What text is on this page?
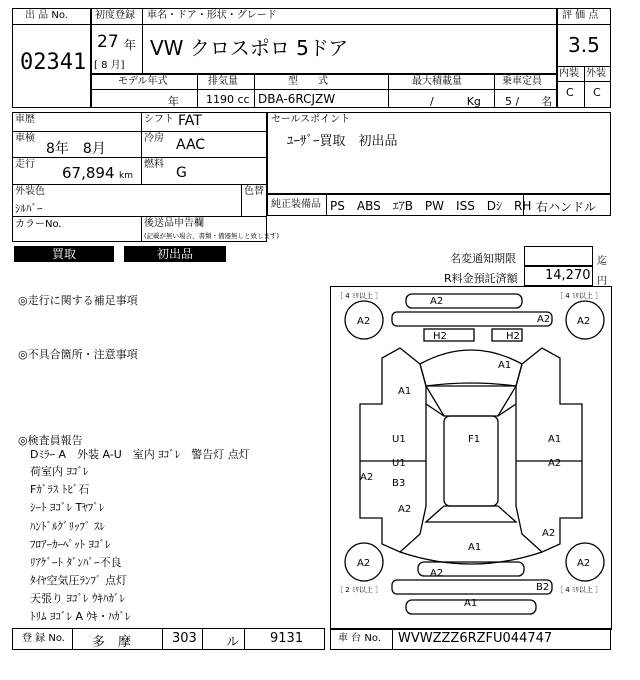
出 品 No.
02341
初度登録 車名・ドア・形状・グレード
27 年
[ 8 月]
VW クロスポロ 5ドア
評 価 点
3.5
内装 外装
C C
モデル年式	排気量	型　　式	最大積載量	乗車定員
年 1190 cc DBA-6RCJZW	/　　　Kg 5 /　　名
車歴	シフト FAT
車検
8年　8月
冷房 AAC
走行 67,894 km
燃料
G
外装色
ｼﾙﾊﾞｰ
色替
カラーNo.	後送品申告欄
(記載が無い場合、書類・備器無しと致します)
セールスポイント
ﾕｰｻﾞｰ買取　初出品
純正装備品 PS　ABS　ｴｱB　PW　ISS　Dｼ　RH 右ハンドル
買取	初出品	名変通知期限	迄
R料金預託済額 14,270 円
◎走行に関する補足事項
◎不具合箇所・注意事項
◎検査員報告
Dﾐﾗｰ A　外装 A-U　室内 ﾖｺﾞﾚ　警告灯 点灯
荷室内 ﾖｺﾞﾚ
Fｶﾞﾗｽ ﾄﾋﾞ石
ｼｰﾄ ﾖｺﾞﾚ Tﾔﾌﾞﾚ
ﾊﾝﾄﾞﾙｸﾞﾘｯﾌﾟ ｽﾚ
ﾌﾛｱｰｶｰﾍﾟｯﾄ ﾖｺﾞﾚ
ﾘｱｹﾞｰﾄ ﾀﾞﾝﾊﾟｰ不良
ﾀｲﾔ空気圧ﾗﾝﾌﾟ 点灯
天張り ﾖｺﾞﾚ ｳｷﾊｶﾞﾚ
ﾄﾘﾑ ﾖｺﾞﾚ A ｳｷ・ﾊｶﾞﾚ
［ 4 ﾐﾘ以上 ］	［ 4 ﾐﾘ以上 ］
［ 2 ﾐﾘ以上 ］	［ 4 ﾐﾘ以上 ］
A2
A2
A2	A2
H2	H2
A1
A1
U1	F1	A1
A2
U1	A2
B3
A2
A2
A2
A1
A2
A2
A1
B2
登 録 No. 多　摩	303 ル 9131	車 台 No. WVWZZZ6RZFU044747
